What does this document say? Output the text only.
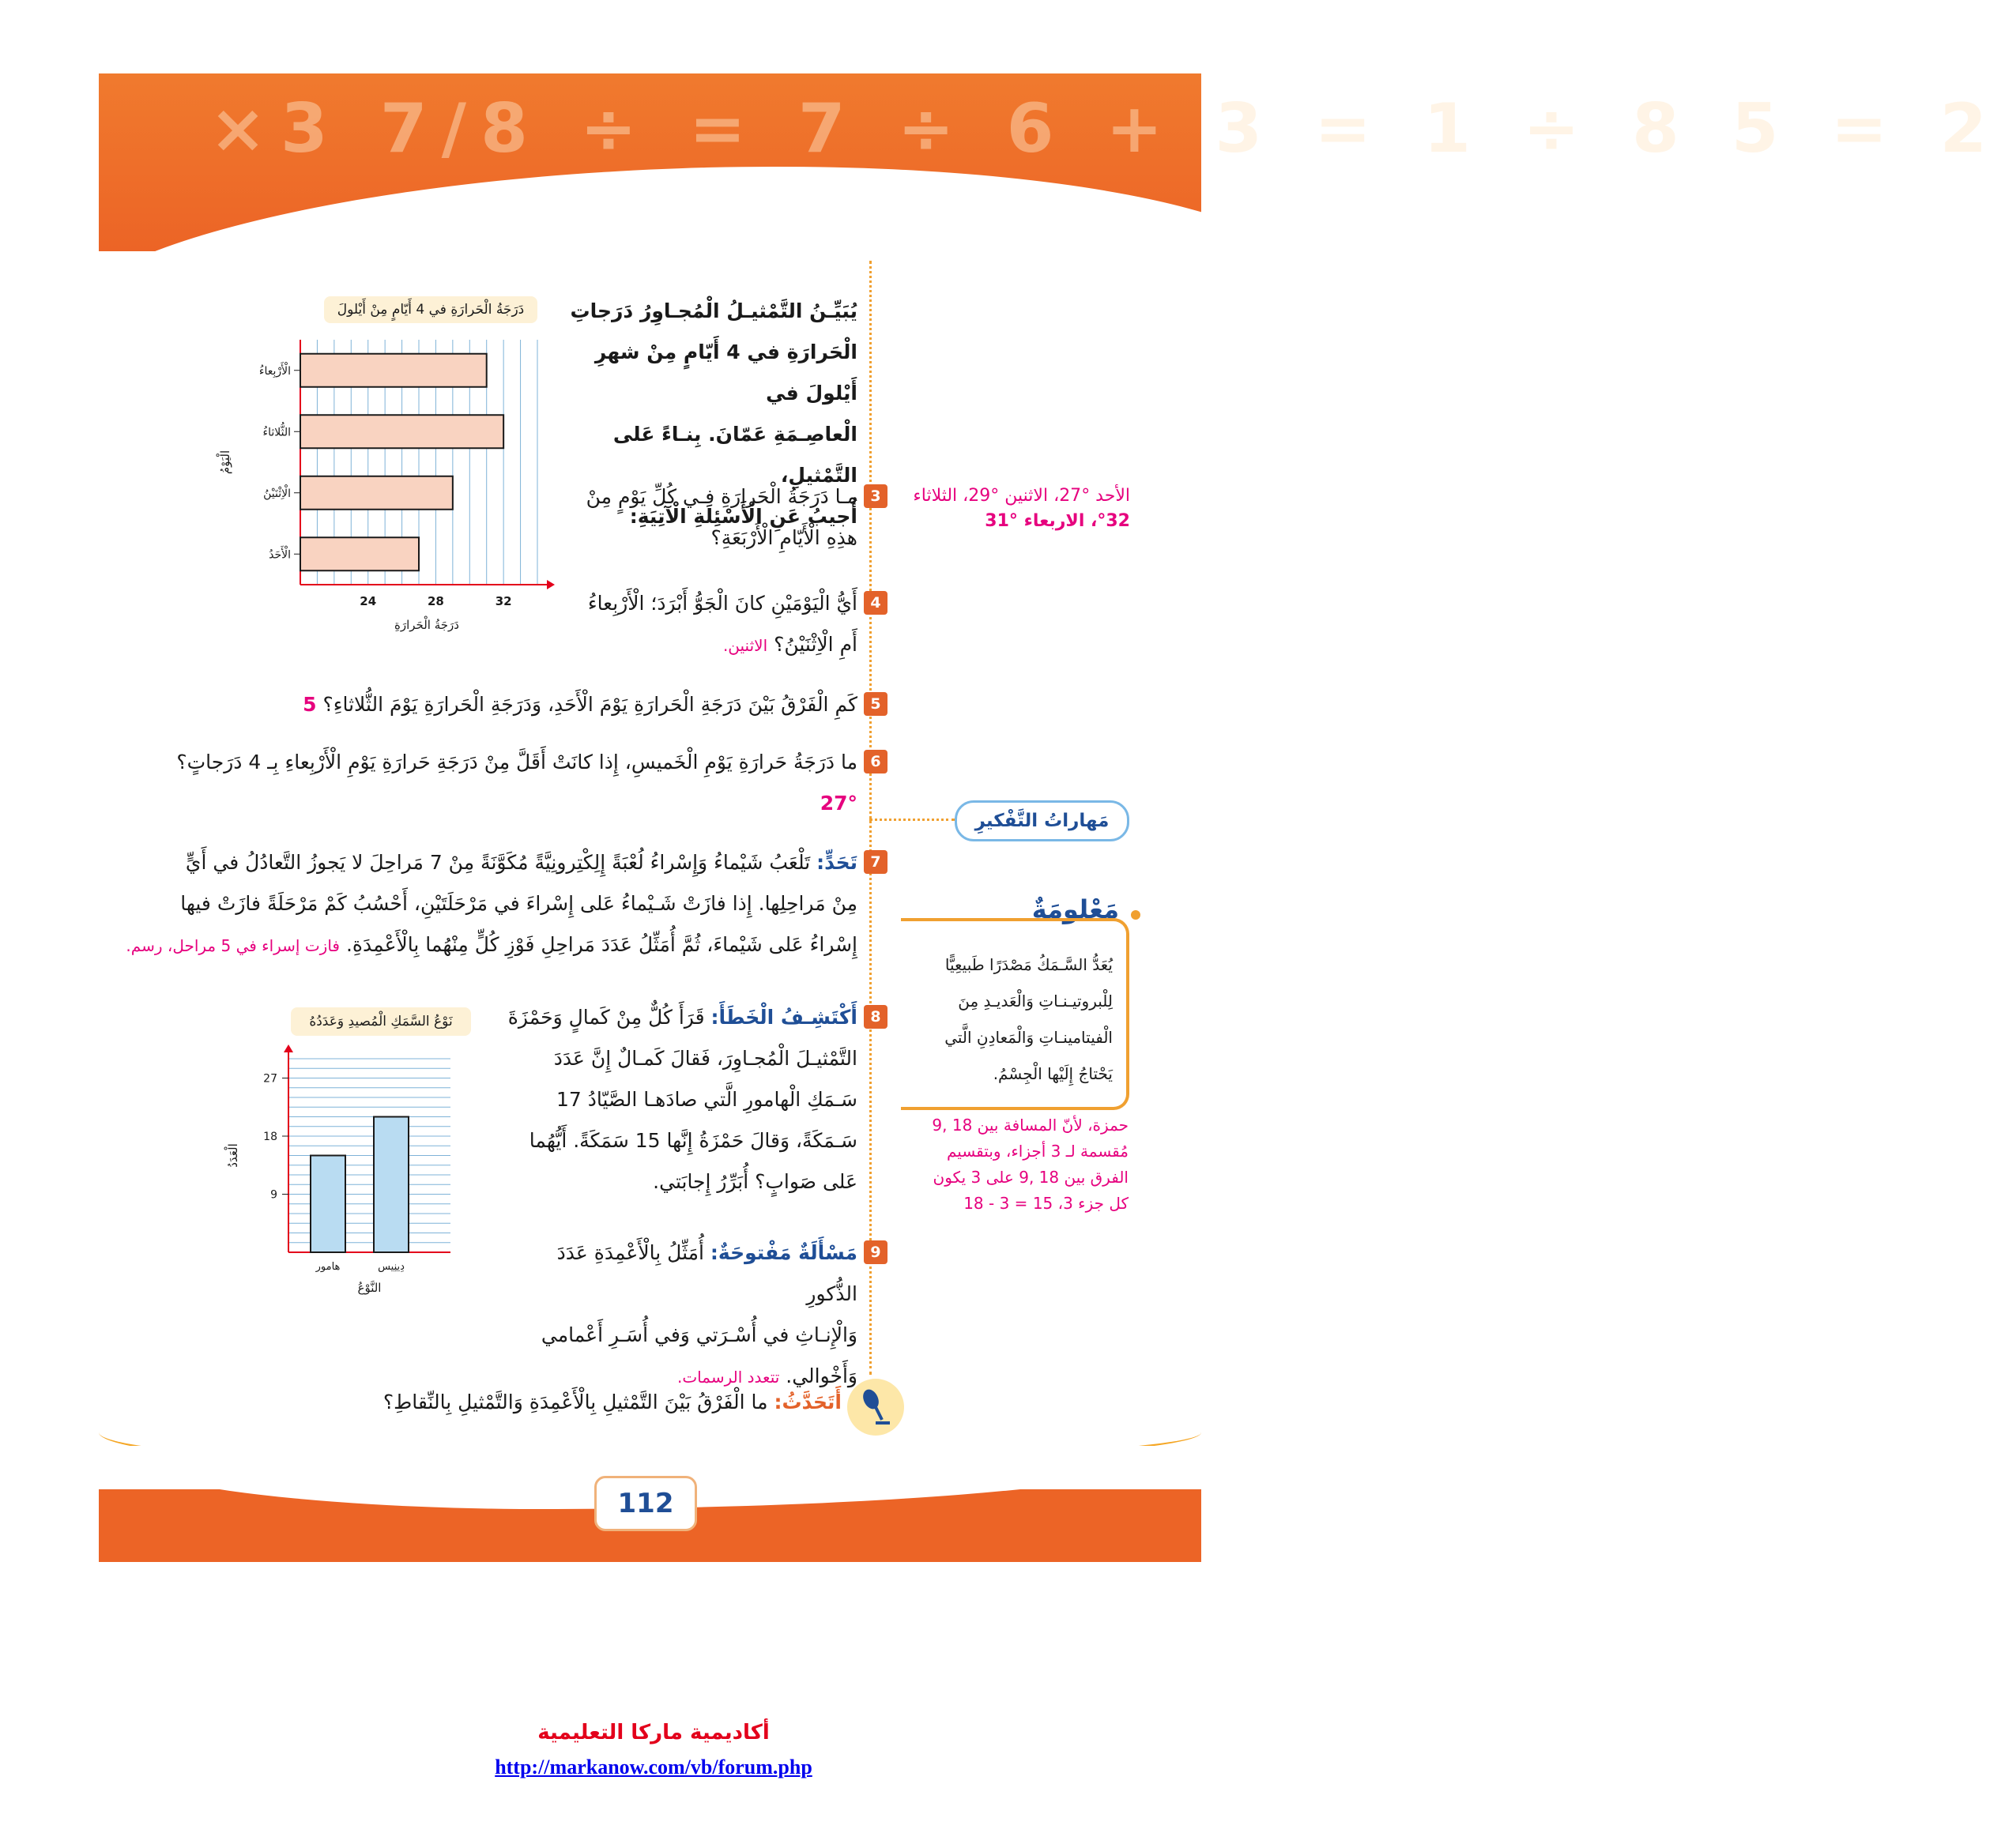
×3 7/8 ÷ = 7 ÷ 6 + 3 = 1 ÷ 8 5 = 2
دَرَجَةُ الْحَرارَةِ في 4 أَيّامٍ مِنْ أَيْلولَ
الْأَحَدُ
الْاِثْنَيْنُ
الثُّلاثاءُ
الْأَرْبِعاءُ
24	28	32
دَرَجَةُ الْحَرارَةِ
الْيَوْمُ
نَوْعُ السَّمَكِ الْمُصيدِ وَعَدَدُهُ
9
18
27
هامور	دِينِيس
النَّوْعُ
الْعَدَدُ
يُبَيِّـنُ التَّمْثيـلُ الْمُجـاوِرُ دَرَجاتِ
الْحَرارَةِ في 4 أَيّامٍ مِنْ شهرِ أَيْلولَ في
الْعاصِـمَةِ عَمّانَ. بِنـاءً عَلى التَّمْثيلِ،
أُجيبُ عَنِ الْأَسْئِلَةِ الْآتِيَةِ:
3
مـا دَرَجَةُ الْحَرارَةِ فـي كُلِّ يَوْمٍ مِنْ
هذِهِ الْأَيّامِ الْأَرْبَعَةِ؟
الأحد °27، الاثنين °29، الثلاثاء
°32، الاربعاء °31
4
أَيُّ الْيَوْمَيْنِ كانَ الْجَوُّ أَبْرَدَ؛ الْأَرْبِعاءُ
أَمِ الْاِثْنَيْنُ؟ الاثنين.
5
كَمِ الْفَرْقُ بَيْنَ دَرَجَةِ الْحَرارَةِ يَوْمَ الْأَحَدِ، وَدَرَجَةِ الْحَرارَةِ يَوْمَ الثُّلاثاءِ؟ 5
6
ما دَرَجَةُ حَرارَةِ يَوْمِ الْخَميسِ، إِذا كانَتْ أَقَلَّ مِنْ دَرَجَةِ حَرارَةِ يَوْمِ الْأَرْبِعاءِ بِـ 4 دَرَجاتٍ؟ °27
مَهاراتُ التَّفْكيرِ
7
تَحَدٍّ: تَلْعَبُ شَيْماءُ وَإِسْراءُ لُعْبَةً إِلِكْتِرونِيَّةً مُكَوَّنَةً مِنْ 7 مَراحِلَ لا يَجوزُ التَّعادُلُ في أَيٍّ
مِنْ مَراحِلِها. إِذا فازَتْ شَـيْماءُ عَلى إِسْراءَ في مَرْحَلَتَيْنِ، أَحْسُبُ كَمْ مَرْحَلَةً فازَتْ فيها
إِسْراءُ عَلى شَيْماءَ، ثُمَّ أُمَثِّلُ عَدَدَ مَراحِلِ فَوْزِ كُلٍّ مِنْهُما بِالْأَعْمِدَةِ. فازت إسراء في 5 مراحل، رسم.
مَعْلومَةٌ
يُعَدُّ السَّـمَكُ مَصْدَرًا طَبيعِيًّا
لِلْبروتيـنـاتِ وَالْعَديـدِ مِنَ
الْفيتامينـاتِ وَالْمَعادِنِ الَّتي
يَحْتاجُ إِلَيْها الْجِسْمُ.
حمزة، لأنّ المسافة بين 18 ,9
مُقسمة لـ 3 أجزاء، وبتقسيم
الفرق بين 18 ,9 على 3 يكون
كل جزء 3، 15 = 3 - 18
8
أَكْتَشِـفُ الْخَطَأَ: قَرَأَ كُلٌّ مِنْ كَمالٍ وَحَمْزَةَ
التَّمْثيـلَ الْمُجـاوِرَ، فَقالَ كَمـالٌ إِنَّ عَدَدَ
سَـمَكِ الْهامورِ الَّتي صادَهـا الصَّيّادُ 17
سَـمَكَةً، وَقالَ حَمْزَةُ إِنَّها 15 سَمَكَةً. أَيُّهُما
عَلى صَوابٍ؟ أُبَرِّرُ إِجابَتي.
9
مَسْأَلَةٌ مَفْتوحَةٌ: أُمَثِّلُ بِالْأَعْمِدَةِ عَدَدَ الذُّكورِ
وَالْإِنـاثِ في أُسْـرَتي وَفي أُسَـرِ أَعْمامي
وَأَخْوالي. تتعدد الرسمات.
أَتَحَدَّثُ: ما الْفَرْقُ بَيْنَ التَّمْثيلِ بِالْأَعْمِدَةِ وَالتَّمْثيلِ بِالنِّقاطِ؟
112
أكاديمية ماركا التعليمية
http://markanow.com/vb/forum.php
